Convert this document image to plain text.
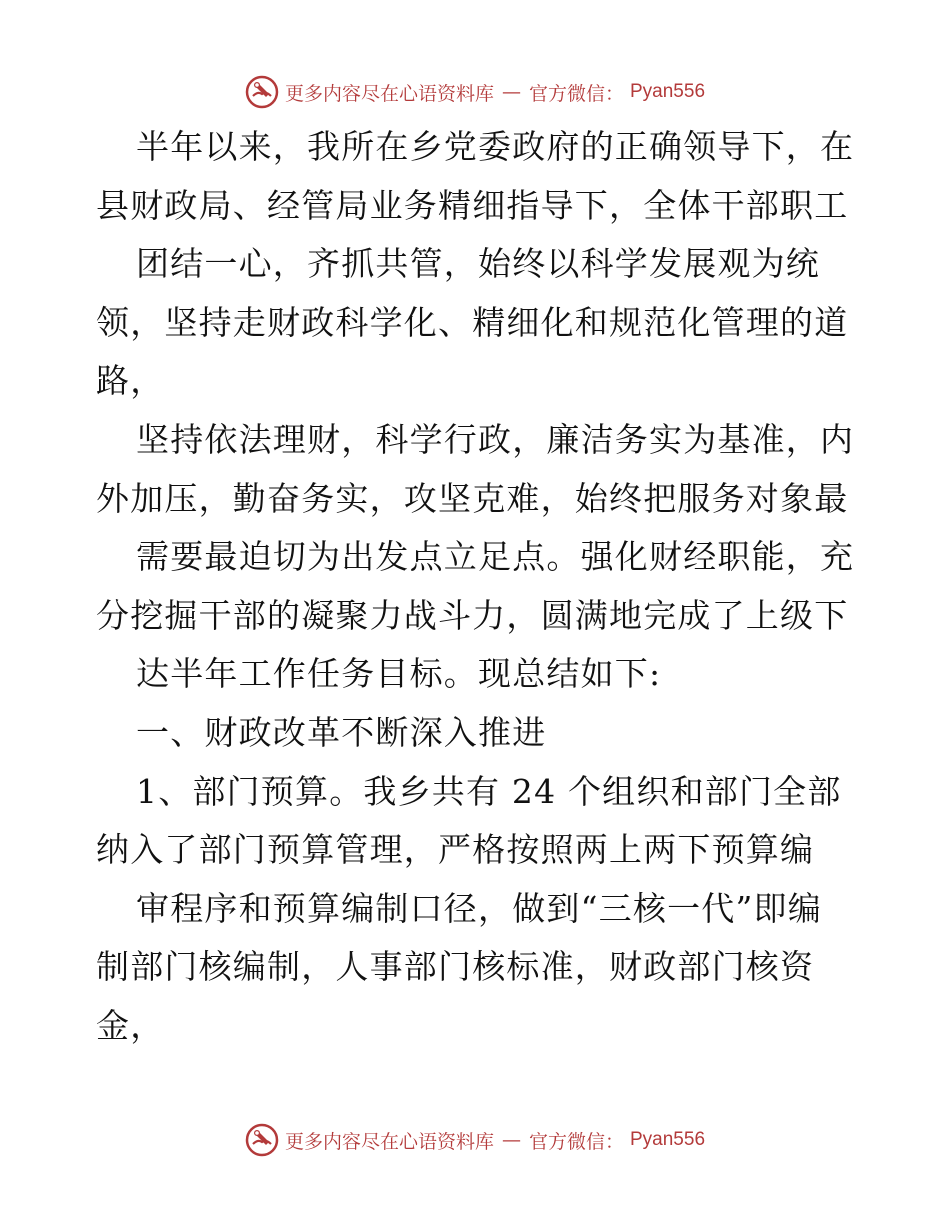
更多内容尽在心语资料库 — 官方微信： Pyan556
半年以来，我所在乡党委政府的正确领导下，在
县财政局、经管局业务精细指导下，全体干部职工
团结一心，齐抓共管，始终以科学发展观为统
领，坚持走财政科学化、精细化和规范化管理的道
路，
坚持依法理财，科学行政，廉洁务实为基准，内
外加压，勤奋务实，攻坚克难，始终把服务对象最
需要最迫切为出发点立足点。强化财经职能，充
分挖掘干部的凝聚力战斗力，圆满地完成了上级下
达半年工作任务目标。现总结如下:
一、财政改革不断深入推进
1、部门预算。我乡共有 24 个组织和部门全部
纳入了部门预算管理，严格按照两上两下预算编
审程序和预算编制口径，做到“三核一代”即编
制部门核编制，人事部门核标准，财政部门核资
金，
更多内容尽在心语资料库 — 官方微信： Pyan556
